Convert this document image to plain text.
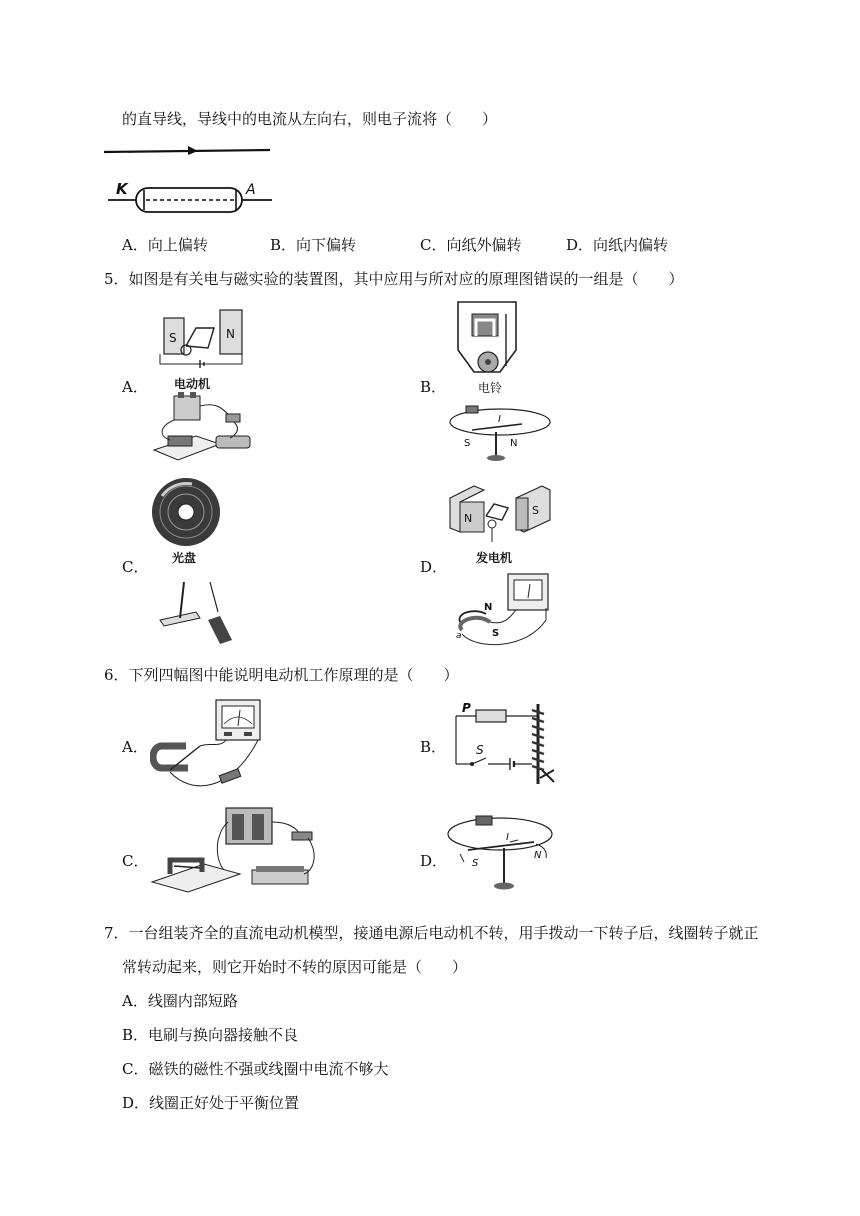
的直导线，导线中的电流从左向右，则电子流将（　　）
K	A
A．向上偏转	B．向下偏转	C．向纸外偏转	D．向纸内偏转
5．如图是有关电与磁实验的装置图，其中应用与所对应的原理图错误的一组是（　　）
A．
S	N
电动机	B．	电铃
I
S	N
C． 光盘	D．
N
S
发电机
N
S
a
6．下列四幅图中能说明电动机工作原理的是（　　）
A．	B．
P
S
C．	D．
I
S
N
7．一台组装齐全的直流电动机模型，接通电源后电动机不转，用手拨动一下转子后，线圈转子就正
常转动起来，则它开始时不转的原因可能是（　　）
A．线圈内部短路
B．电刷与换向器接触不良
C．磁铁的磁性不强或线圈中电流不够大
D．线圈正好处于平衡位置
